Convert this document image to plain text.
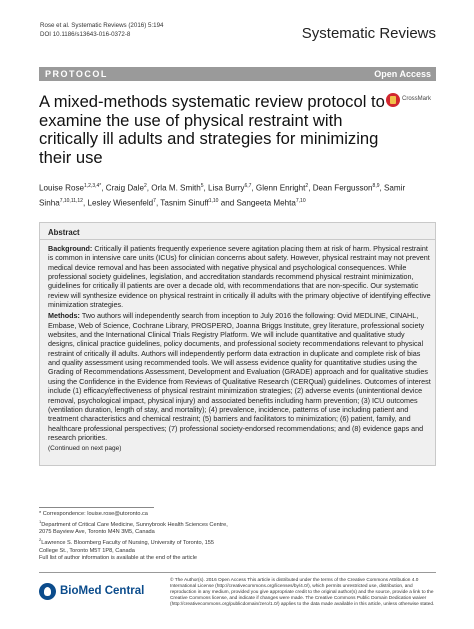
Rose et al. Systematic Reviews (2016) 5:194
DOI 10.1186/s13643-016-0372-8	Systematic Reviews
PROTOCOL	Open Access
A mixed-methods systematic review protocol to examine the use of physical restraint with critically ill adults and strategies for minimizing their use
CrossMark
Louise Rose$^{1,2,3,4*}$, Craig Dale$^2$, Orla M. Smith$^5$, Lisa Burry$^{6,7}$, Glenn Enright$^2$, Dean Fergusson$^{8,9}$, Samir Sinha$^{7,10,11,12}$, Lesley Wiesenfeld$^7$, Tasnim Sinuff$^{1,10}$ and Sangeeta Mehta$^{7,10}$
Abstract

Background: Critically ill patients frequently experience severe agitation placing them at risk of harm. Physical restraint is common in intensive care units (ICUs) for clinician concerns about safety. However, physical restraint may not prevent medical device removal and has been associated with negative physical and psychological consequences. While professional society guidelines, legislation, and accreditation standards recommend physical restraint minimization, guidelines for critically ill patients are over a decade old, with recommendations that are non-specific. Our systematic review will synthesize evidence on physical restraint in critically ill adults with the primary objective of identifying effective minimization strategies.

Methods: Two authors will independently search from inception to July 2016 the following: Ovid MEDLINE, CINAHL, Embase, Web of Science, Cochrane Library, PROSPERO, Joanna Briggs Institute, grey literature, professional society websites, and the International Clinical Trials Registry Platform. We will include quantitative and qualitative study designs, clinical practice guidelines, policy documents, and professional society recommendations relevant to physical restraint of critically ill adults. Authors will independently perform data extraction in duplicate and complete risk of bias and quality assessment using recommended tools. We will assess evidence quality for quantitative studies using the Grading of Recommendations Assessment, Development and Evaluation (GRADE) approach and for qualitative studies using the Confidence in the Evidence from Reviews of Qualitative Research (CERQual) guidelines. Outcomes of interest include (1) efficacy/effectiveness of physical restraint minimization strategies; (2) adverse events (unintentional device removal, psychological impact, physical injury) and associated benefits including harm prevention; (3) ICU outcomes (ventilation duration, length of stay, and mortality); (4) prevalence, incidence, patterns of use including patient and treatment characteristics and chemical restraint; (5) barriers and facilitators to minimization; (6) patient, family, and healthcare professional perspectives; (7) professional society-endorsed recommendations; and (8) evidence gaps and research priorities.

(Continued on next page)
* Correspondence: louise.rose@utoronto.ca
$^1$Department of Critical Care Medicine, Sunnybrook Health Sciences Centre,
2075 Bayview Ave, Toronto M4N 3M5, Canada
$^2$Lawrence S. Bloomberg Faculty of Nursing, University of Toronto, 155
College St., Toronto M5T 1P8, Canada
Full list of author information is available at the end of the article
BioMed Central
© The Author(s). 2016 Open Access This article is distributed under the terms of the Creative Commons Attribution 4.0 International License (http://creativecommons.org/licenses/by/4.0/), which permits unrestricted use, distribution, and reproduction in any medium, provided you give appropriate credit to the original author(s) and the source, provide a link to the Creative Commons license, and indicate if changes were made. The Creative Commons Public Domain Dedication waiver (http://creativecommons.org/publicdomain/zero/1.0/) applies to the data made available in this article, unless otherwise stated.
